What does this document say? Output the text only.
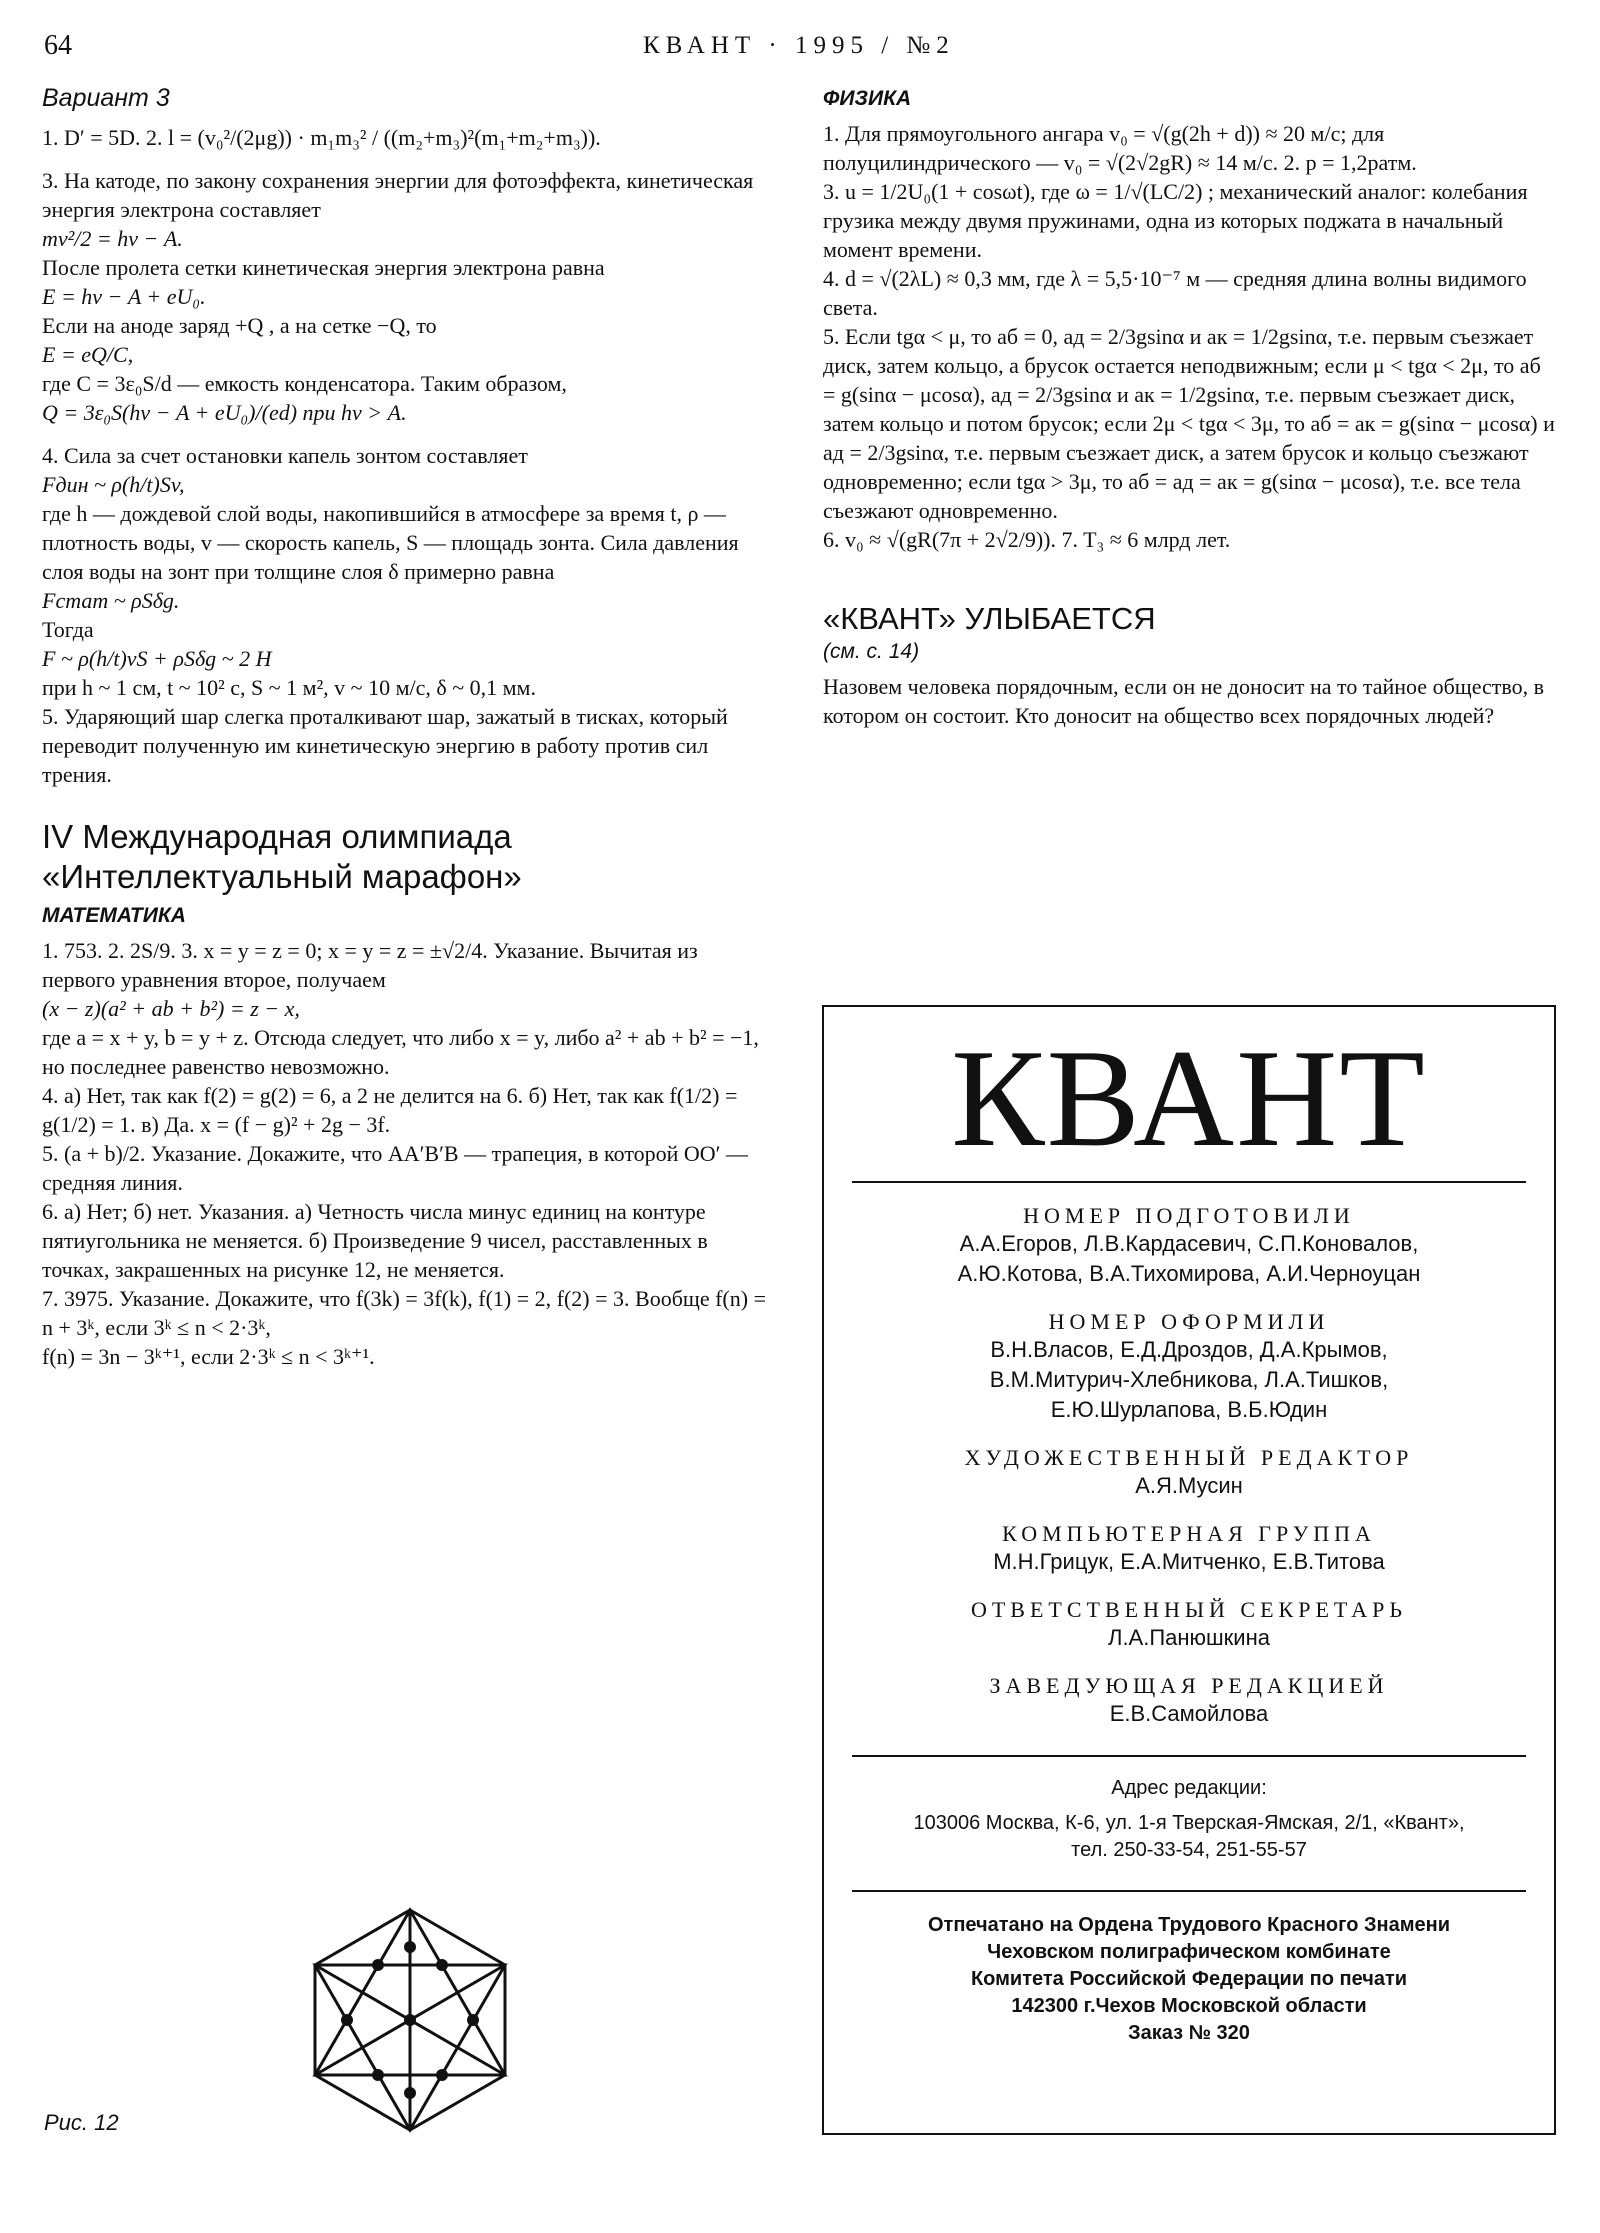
64	КВАНТ · 1995 / №2
Вариант 3

1. D′ = 5D. 2. l = (v₀²/(2μg)) · m₁m₃² / ((m₂+m₃)²(m₁+m₂+m₃)).

3. На катоде, по закону сохранения энергии для фотоэффекта, кинетическая энергия электрона составляет

mv²/2 = hν − A.

После пролета сетки кинетическая энергия электрона равна

E = hν − A + eU₀.

Если на аноде заряд +Q , а на сетке −Q, то

E = eQ/C,

где C = 3ε₀S/d — емкость конденсатора. Таким образом,

Q = 3ε₀S(hν − A + eU₀)/(ed) при hν > A.

4. Сила за счет остановки капель зонтом составляет

Fдин ~ ρ(h/t)Sv,

где h — дождевой слой воды, накопившийся в атмосфере за время t, ρ — плотность воды, v — скорость капель, S — площадь зонта. Сила давления слоя воды на зонт при толщине слоя δ примерно равна

Fстат ~ ρSδg.

Тогда

F ~ ρ(h/t)vS + ρSδg ~ 2 Н

при h ~ 1 см, t ~ 10² с, S ~ 1 м², v ~ 10 м/с, δ ~ 0,1 мм.

5. Ударяющий шар слегка проталкивают шар, зажатый в тисках, который переводит полученную им кинетическую энергию в работу против сил трения.

IV Международная олимпиада
«Интеллектуальный марафон»
МАТЕМАТИКА

1. 753. 2. 2S/9. 3. x = y = z = 0; x = y = z = ±√2/4. Указание. Вычитая из первого уравнения второе, получаем

(x − z)(a² + ab + b²) = z − x,

где a = x + y, b = y + z. Отсюда следует, что либо x = y, либо a² + ab + b² = −1, но последнее равенство невозможно.

4. а) Нет, так как f(2) = g(2) = 6, а 2 не делится на 6. б) Нет, так как f(1/2) = g(1/2) = 1. в) Да. x = (f − g)² + 2g − 3f.

5. (a + b)/2. Указание. Докажите, что AA′B′B — трапеция, в которой OO′ — средняя линия.

6. а) Нет; б) нет. Указания. а) Четность числа минус единиц на контуре пятиугольника не меняется. б) Произведение 9 чисел, расставленных в точках, закрашенных на рисунке 12, не меняется.

7. 3975. Указание. Докажите, что f(3k) = 3f(k), f(1) = 2, f(2) = 3. Вообще f(n) = n + 3ᵏ, если 3ᵏ ≤ n < 2·3ᵏ,

f(n) = 3n − 3ᵏ⁺¹, если 2·3ᵏ ≤ n < 3ᵏ⁺¹.

Рис. 12
ФИЗИКА

1. Для прямоугольного ангара v₀ = √(g(2h + d)) ≈ 20 м/с; для полуцилиндрического — v₀ = √(2√2gR) ≈ 14 м/с. 2. p = 1,2pатм.

3. u = 1/2U₀(1 + cosωt), где ω = 1/√(LC/2) ; механический аналог: колебания грузика между двумя пружинами, одна из которых поджата в начальный момент времени.

4. d = √(2λL) ≈ 0,3 мм, где λ = 5,5·10⁻⁷ м — средняя длина волны видимого света.

5. Если tgα < μ, то aб = 0, aд = 2/3gsinα и aк = 1/2gsinα, т.е. первым съезжает диск, затем кольцо, а брусок остается неподвижным; если μ < tgα < 2μ, то aб = g(sinα − μcosα), aд = 2/3gsinα и aк = 1/2gsinα, т.е. первым съезжает диск, затем кольцо и потом брусок; если 2μ < tgα < 3μ, то aб = aк = g(sinα − μcosα) и aд = 2/3gsinα, т.е. первым съезжает диск, а затем брусок и кольцо съезжают одновременно; если tgα > 3μ, то aб = aд = aк = g(sinα − μcosα), т.е. все тела съезжают одновременно.

6. v₀ ≈ √(gR(7π + 2√2/9)). 7. T₃ ≈ 6 млрд лет.

«КВАНТ» УЛЫБАЕТСЯ
(см. с. 14)

Назовем человека порядочным, если он не доносит на то тайное общество, в котором он состоит. Кто доносит на общество всех порядочных людей?

КВАНТ
НОМЕР ПОДГОТОВИЛИ
А.А.Егоров, Л.В.Кардасевич, С.П.Коновалов,
А.Ю.Котова, В.А.Тихомирова, А.И.Черноуцан
НОМЕР ОФОРМИЛИ
В.Н.Власов, Е.Д.Дроздов, Д.А.Крымов,
В.М.Митурич-Хлебникова, Л.А.Тишков,
Е.Ю.Шурлапова, В.Б.Юдин
ХУДОЖЕСТВЕННЫЙ РЕДАКТОР
А.Я.Мусин
КОМПЬЮТЕРНАЯ ГРУППА
М.Н.Грицук, Е.А.Митченко, Е.В.Титова
ОТВЕТСТВЕННЫЙ СЕКРЕТАРЬ
Л.А.Панюшкина
ЗАВЕДУЮЩАЯ РЕДАКЦИЕЙ
Е.В.Самойлова
Адрес редакции:
103006 Москва, К-6, ул. 1-я Тверская-Ямская, 2/1, «Квант»,
тел. 250-33-54, 251-55-57
Отпечатано на Ордена Трудового Красного Знамени
Чеховском полиграфическом комбинате
Комитета Российской Федерации по печати
142300 г.Чехов Московской области
Заказ № 320
